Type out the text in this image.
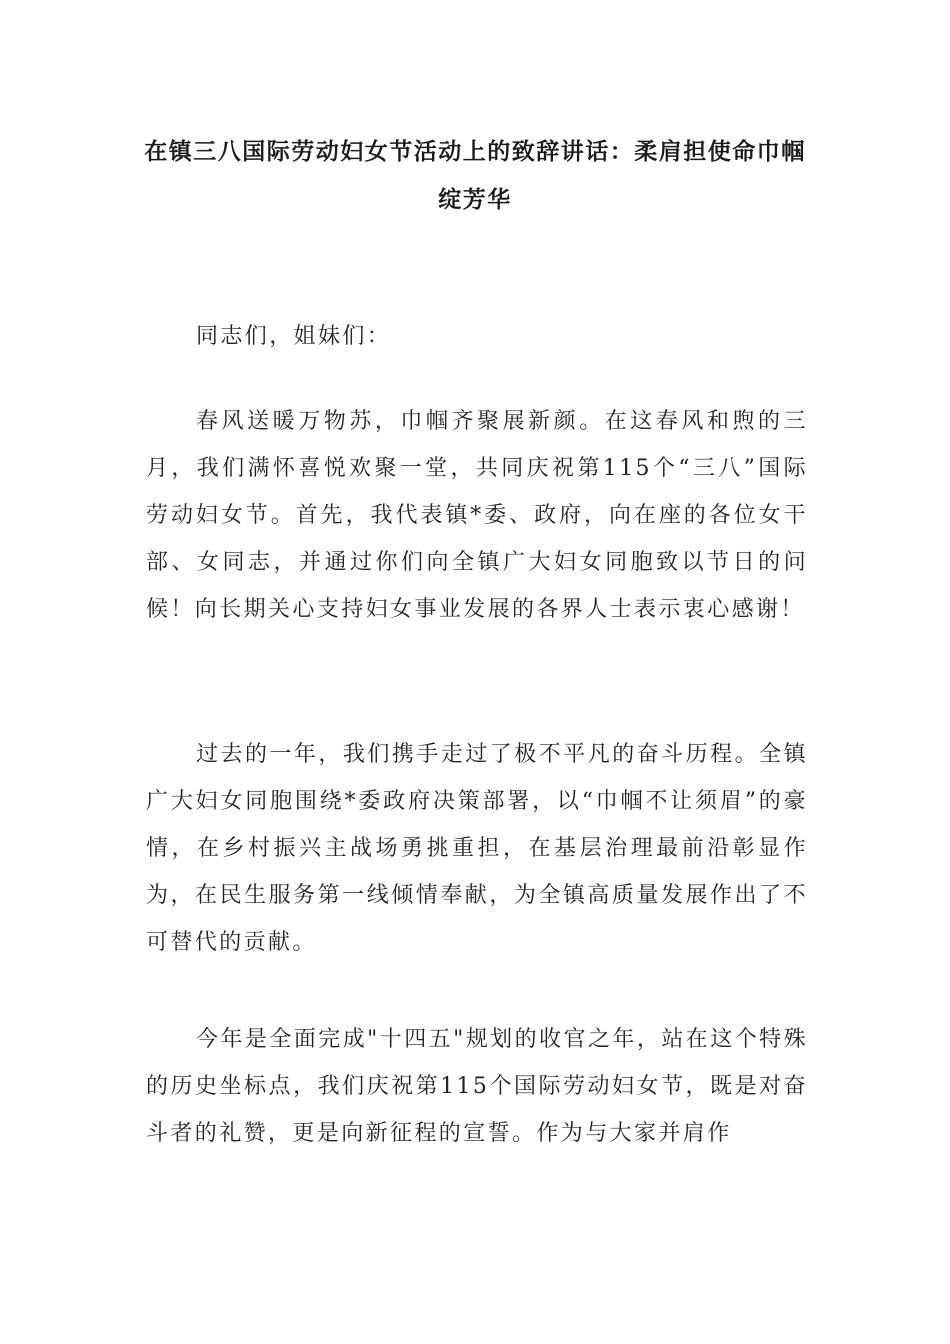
在镇三八国际劳动妇女节活动上的致辞讲话：柔肩担使命巾帼绽芳华

同志们，姐妹们：

春风送暖万物苏，巾帼齐聚展新颜。在这春风和煦的三月，我们满怀喜悦欢聚一堂，共同庆祝第115个“三八”国际劳动妇女节。首先，我代表镇*委、政府，向在座的各位女干部、女同志，并通过你们向全镇广大妇女同胞致以节日的问候！向长期关心支持妇女事业发展的各界人士表示衷心感谢！

过去的一年，我们携手走过了极不平凡的奋斗历程。全镇广大妇女同胞围绕*委政府决策部署，以“巾帼不让须眉”的豪情，在乡村振兴主战场勇挑重担，在基层治理最前沿彰显作为，在民生服务第一线倾情奉献，为全镇高质量发展作出了不可替代的贡献。

今年是全面完成"十四五"规划的收官之年，站在这个特殊的历史坐标点，我们庆祝第115个国际劳动妇女节，既是对奋斗者的礼赞，更是向新征程的宣誓。作为与大家并肩作
